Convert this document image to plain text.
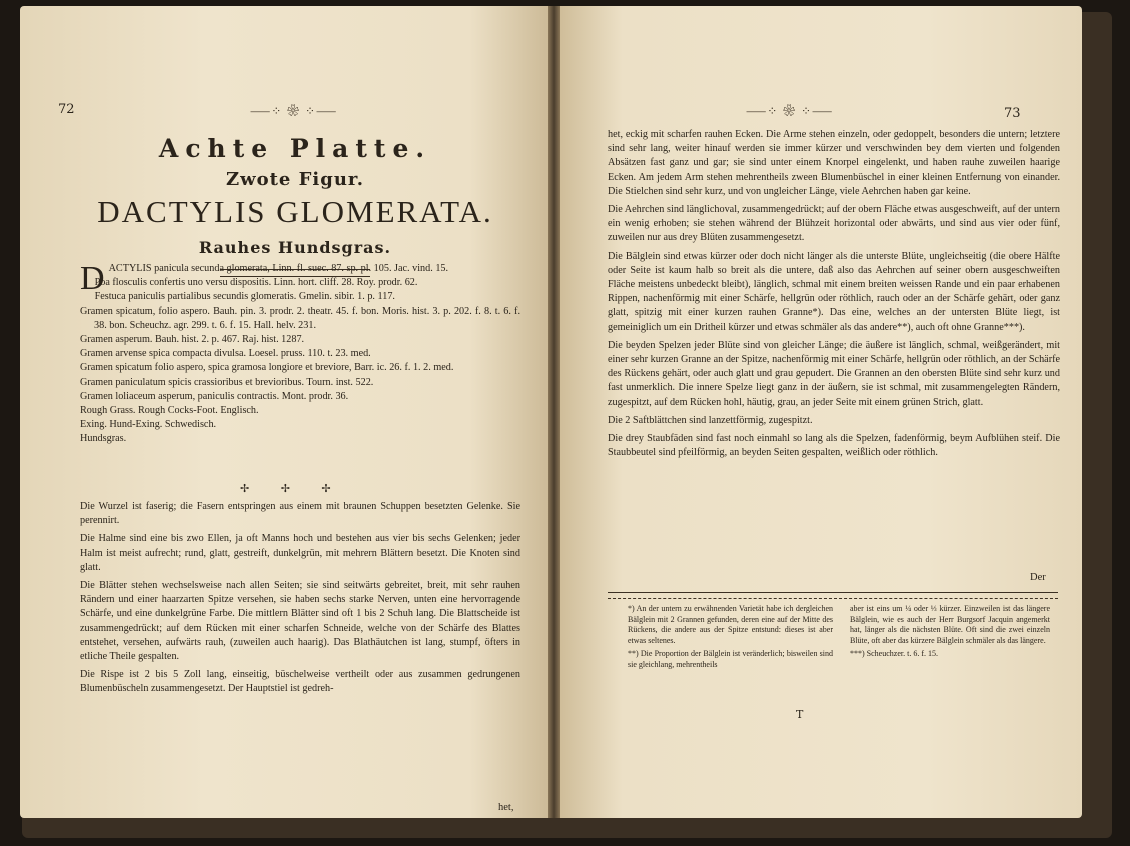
72	⸺⁘ ❀ ⁘⸺
Achte Platte.
Zwote Figur.
DACTYLIS GLOMERATA.
Rauhes Hundsgras.
D ACTYLIS panicula secunda glomerata, Linn. fl. suec. 87. sp. pl. 105. Jac. vind. 15.

Poa flosculis confertis uno versu dispositis. Linn. hort. cliff. 28. Roy. prodr. 62.

Festuca paniculis partialibus secundis glomeratis. Gmelin. sibir. 1. p. 117.

Gramen spicatum, folio aspero. Bauh. pin. 3. prodr. 2. theatr. 45. f. bon. Moris. hist. 3. p. 202. f. 8. t. 6. f. 38. bon. Scheuchz. agr. 299. t. 6. f. 15. Hall. helv. 231.

Gramen asperum. Bauh. hist. 2. p. 467. Raj. hist. 1287.

Gramen arvense spica compacta divulsa. Loesel. pruss. 110. t. 23. med.

Gramen spicatum folio aspero, spica gramosa longiore et breviore, Barr. ic. 26. f. 1. 2. med.

Gramen paniculatum spicis crassioribus et brevioribus. Tourn. inst. 522.

Gramen loliaceum asperum, paniculis contractis. Mont. prodr. 36.

Rough Grass. Rough Cocks-Foot. Englisch.

Exing. Hund-Exing. Schwedisch.

Hundsgras.

✢ ✢ ✢

Die Wurzel ist faserig; die Fasern entspringen aus einem mit braunen Schuppen besetzten Gelenke. Sie perennirt.

Die Halme sind eine bis zwo Ellen, ja oft Manns hoch und bestehen aus vier bis sechs Gelenken; jeder Halm ist meist aufrecht; rund, glatt, gestreift, dunkelgrün, mit mehrern Blättern besetzt. Die Knoten sind glatt.

Die Blätter stehen wechselsweise nach allen Seiten; sie sind seitwärts gebreitet, breit, mit sehr rauhen Rändern und einer haarzarten Spitze versehen, sie haben sechs starke Nerven, unten eine hervorragende Schärfe, und eine dunkelgrüne Farbe. Die mittlern Blätter sind oft 1 bis 2 Schuh lang. Die Blattscheide ist zusammengedrückt; auf dem Rücken mit einer scharfen Schneide, welche von der Schärfe des Blattes entstehet, versehen, aufwärts rauh, (zuweilen auch haarig). Das Blathäutchen ist lang, stumpf, öfters in etliche Theile gespalten.

Die Rispe ist 2 bis 5 Zoll lang, einseitig, büschelweise vertheilt oder aus zusammen gedrungenen Blumenbüscheln zusammengesetzt. Der Hauptstiel ist gedreh-

het,
⸺⁘ ❀ ⁘⸺	73

het, eckig mit scharfen rauhen Ecken. Die Arme stehen einzeln, oder gedoppelt, besonders die untern; letztere sind sehr lang, weiter hinauf werden sie immer kürzer und verschwinden bey dem vierten und folgenden Absätzen fast ganz und gar; sie sind unter einem Knorpel eingelenkt, und haben rauhe zuweilen haarige Ecken. Am jedem Arm stehen mehrentheils zween Blumenbüschel in einer kleinen Entfernung von einander. Die Stielchen sind sehr kurz, und von ungleicher Länge, viele Aehrchen haben gar keine.

Die Aehrchen sind länglichoval, zusammengedrückt; auf der obern Fläche etwas ausgeschweift, auf der untern ein wenig erhoben; sie stehen während der Blühzeit horizontal oder abwärts, und sind aus vier oder fünf, zuweilen nur aus drey Blüten zusammengesetzt.

Die Bälglein sind etwas kürzer oder doch nicht länger als die unterste Blüte, ungleichseitig (die obere Hälfte oder Seite ist kaum halb so breit als die untere, daß also das Aehrchen auf seiner obern ausgeschweiften Fläche meistens unbedeckt bleibt), länglich, schmal mit einem breiten weissen Rande und ein paar erhabenen Rippen, nachenförmig mit einer Schärfe, hellgrün oder röthlich, rauch oder an der Schärfe gehärt, oder ganz glatt, spitzig mit einer kurzen rauhen Granne*). Das eine, welches an der untersten Blüte liegt, ist gemeiniglich um ein Dritheil kürzer und etwas schmäler als das andere**), auch oft ohne Granne***).

Die beyden Spelzen jeder Blüte sind von gleicher Länge; die äußere ist länglich, schmal, weißgerändert, mit einer sehr kurzen Granne an der Spitze, nachenförmig mit einer Schärfe, hellgrün oder röthlich, an der Schärfe des Rückens gehärt, oder auch glatt und grau gepudert. Die Grannen an den obersten Blüte sind sehr kurz und fast unmerklich. Die innere Spelze liegt ganz in der äußern, sie ist schmal, mit zusammengelegten Rändern, zugespitzt, auf dem Rücken hohl, häutig, grau, an jeder Seite mit einem grünen Strich, glatt.

Die 2 Saftblättchen sind lanzettförmig, zugespitzt.

Die drey Staubfäden sind fast noch einmahl so lang als die Spelzen, fadenförmig, beym Aufblühen steif. Die Staubbeutel sind pfeilförmig, an beyden Seiten gespalten, weißlich oder röthlich.

Der

*) An der untern zu erwähnenden Varietät habe ich dergleichen Bälglein mit 2 Grannen gefunden, deren eine auf der Mitte des Rückens, die andere aus der Spitze entstund: dieses ist aber etwas seltenes.

**) Die Proportion der Bälglein ist veränderlich; bisweilen sind sie gleichlang, mehrentheils

aber ist eins um ¼ oder ⅓ kürzer. Einzweilen ist das längere Bälglein, wie es auch der Herr Burgsorf Jacquin angemerkt hat, länger als die nächsten Blüte. Oft sind die zwei einzeln Blüte, oft aber das kürzere Bälglein schmäler als das längere.

***) Scheuchzer. t. 6. f. 15.

T
